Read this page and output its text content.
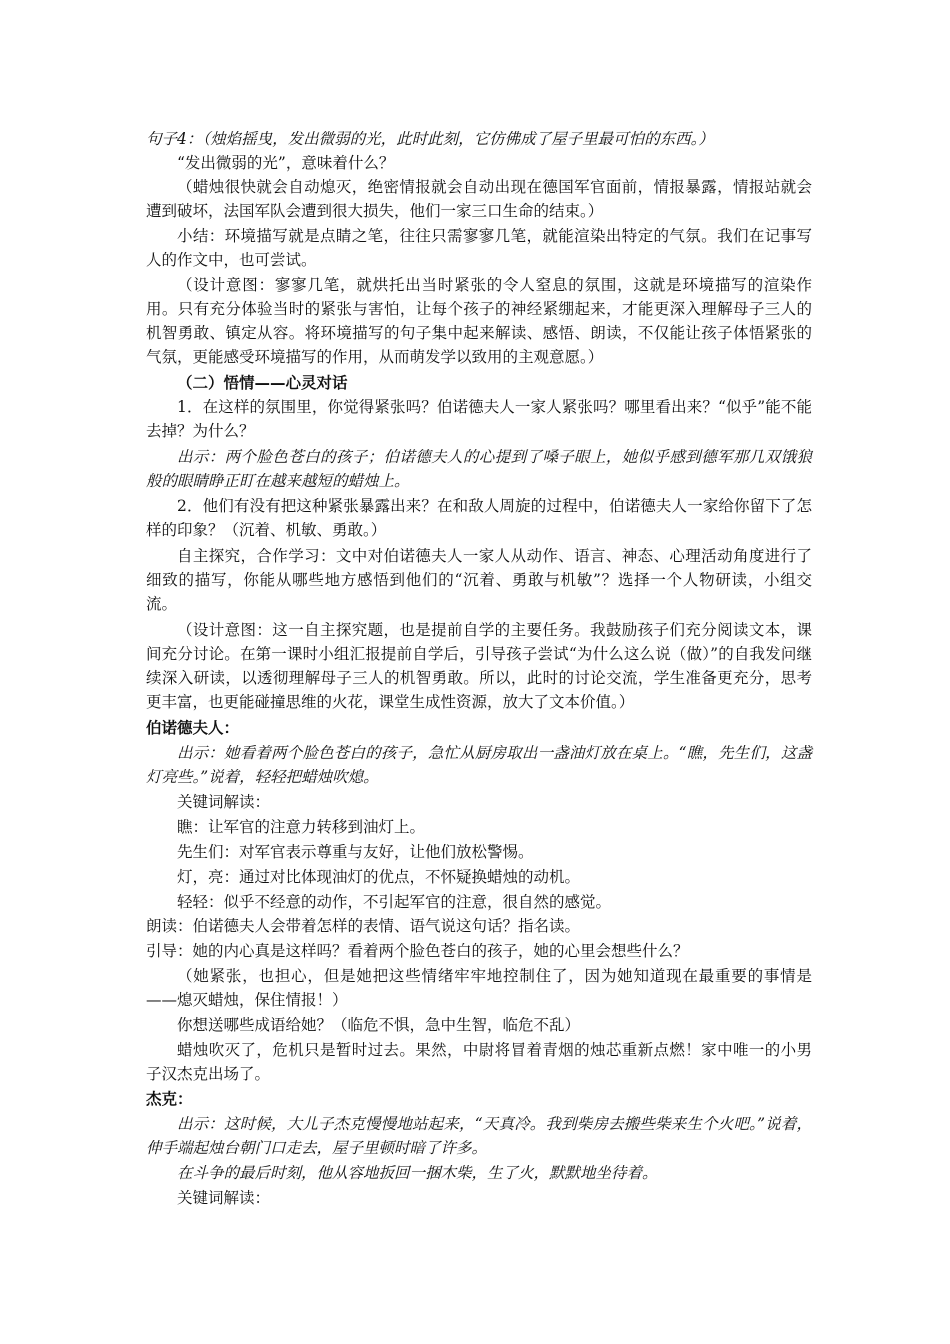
句子4：（烛焰摇曳，发出微弱的光，此时此刻，它仿佛成了屋子里最可怕的东西。）

“发出微弱的光”，意味着什么？

（蜡烛很快就会自动熄灭，绝密情报就会自动出现在德国军官面前，情报暴露，情报站就会遭到破坏，法国军队会遭到很大损失，他们一家三口生命的结束。）

小结：环境描写就是点睛之笔，往往只需寥寥几笔，就能渲染出特定的气氛。我们在记事写人的作文中，也可尝试。

（设计意图：寥寥几笔，就烘托出当时紧张的令人窒息的氛围，这就是环境描写的渲染作用。只有充分体验当时的紧张与害怕，让每个孩子的神经紧绷起来，才能更深入理解母子三人的机智勇敢、镇定从容。将环境描写的句子集中起来解读、感悟、朗读，不仅能让孩子体悟紧张的气氛，更能感受环境描写的作用，从而萌发学以致用的主观意愿。）

（二）悟情——心灵对话

1．在这样的氛围里，你觉得紧张吗？伯诺德夫人一家人紧张吗？哪里看出来？“似乎”能不能去掉？为什么？

出示：两个脸色苍白的孩子；伯诺德夫人的心提到了嗓子眼上，她似乎感到德军那几双饿狼般的眼睛睁正盯在越来越短的蜡烛上。

2．他们有没有把这种紧张暴露出来？在和敌人周旋的过程中，伯诺德夫人一家给你留下了怎样的印象？（沉着、机敏、勇敢。）

自主探究，合作学习：文中对伯诺德夫人一家人从动作、语言、神态、心理活动角度进行了细致的描写，你能从哪些地方感悟到他们的“沉着、勇敢与机敏”？选择一个人物研读，小组交流。

（设计意图：这一自主探究题，也是提前自学的主要任务。我鼓励孩子们充分阅读文本，课间充分讨论。在第一课时小组汇报提前自学后，引导孩子尝试“为什么这么说（做）”的自我发问继续深入研读，以透彻理解母子三人的机智勇敢。所以，此时的讨论交流，学生准备更充分，思考更丰富，也更能碰撞思维的火花，课堂生成性资源，放大了文本价值。）

伯诺德夫人：

出示：她看着两个脸色苍白的孩子，急忙从厨房取出一盏油灯放在桌上。“瞧，先生们，这盏灯亮些。”说着，轻轻把蜡烛吹熄。

关键词解读：

瞧：让军官的注意力转移到油灯上。

先生们：对军官表示尊重与友好，让他们放松警惕。

灯，亮：通过对比体现油灯的优点，不怀疑换蜡烛的动机。

轻轻：似乎不经意的动作，不引起军官的注意，很自然的感觉。

朗读：伯诺德夫人会带着怎样的表情、语气说这句话？指名读。

引导：她的内心真是这样吗？看着两个脸色苍白的孩子，她的心里会想些什么？

（她紧张，也担心，但是她把这些情绪牢牢地控制住了，因为她知道现在最重要的事情是——熄灭蜡烛，保住情报！）

你想送哪些成语给她？（临危不惧，急中生智，临危不乱）

蜡烛吹灭了，危机只是暂时过去。果然，中尉将冒着青烟的烛芯重新点燃！家中唯一的小男子汉杰克出场了。

杰克：

出示：这时候，大儿子杰克慢慢地站起来，“天真冷。我到柴房去搬些柴来生个火吧。”说着，伸手端起烛台朝门口走去，屋子里顿时暗了许多。

在斗争的最后时刻，他从容地扳回一捆木柴，生了火，默默地坐待着。

关键词解读：
